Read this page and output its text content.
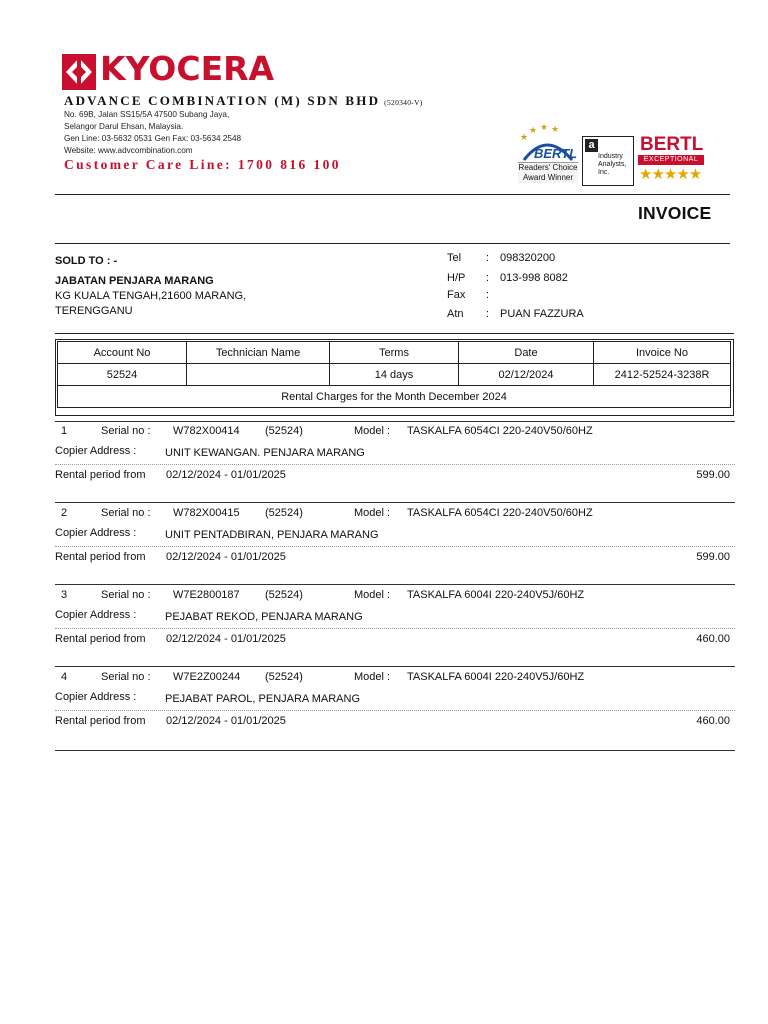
KYOCERA
ADVANCE COMBINATION (M) SDN BHD (520340-V)
No. 69B, Jalan SS15/5A 47500 Subang Jaya,
Selangor Darul Ehsan, Malaysia.
Gen Line: 03-5632 0531 Gen Fax: 03-5634 2548
Website: www.advcombination.com
Customer Care Line: 1700 816 100
★
★ ★ ★
BERTL
Readers' Choice
Award Winner
a
Industry Analysts, Inc.
BERTL
EXCEPTIONAL
★★★★★
INVOICE
SOLD TO : -
JABATAN PENJARA MARANG
KG KUALA TENGAH,21600 MARANG,
TERENGGANU
Tel : 098320200
H/P : 013-998 8082
Fax :
Atn : PUAN FAZZURA
Account No	Technician Name	Terms	Date	Invoice No
52524		14 days	02/12/2024	2412-52524-3238R
Rental Charges for the Month December 2024				
1	Serial no : W782X00414 (52524)	Model : TASKALFA 6054CI 220-240V50/60HZ
Copier Address :	UNIT KEWANGAN. PENJARA MARANG
Rental period from 02/12/2024 - 01/01/2025	599.00
2	Serial no : W782X00415 (52524)	Model : TASKALFA 6054CI 220-240V50/60HZ
Copier Address :	UNIT PENTADBIRAN, PENJARA MARANG
Rental period from 02/12/2024 - 01/01/2025	599.00
3	Serial no : W7E2800187 (52524)	Model : TASKALFA 6004I 220-240V5J/60HZ
Copier Address :	PEJABAT REKOD, PENJARA MARANG
Rental period from 02/12/2024 - 01/01/2025	460.00
4	Serial no : W7E2Z00244 (52524)	Model : TASKALFA 6004I 220-240V5J/60HZ
Copier Address :	PEJABAT PAROL, PENJARA MARANG
Rental period from 02/12/2024 - 01/01/2025	460.00
